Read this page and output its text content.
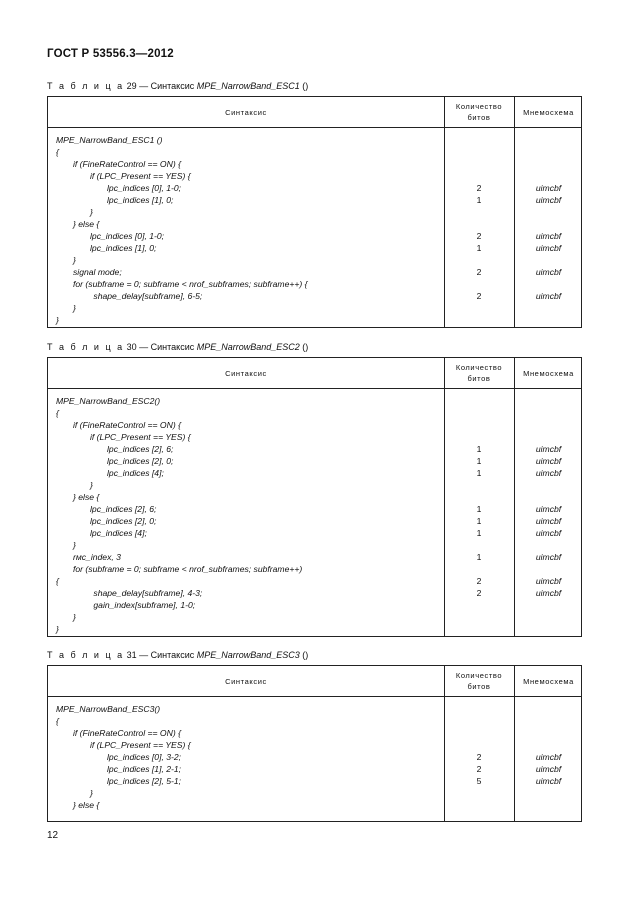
ГОСТ Р 53556.3—2012
Т а б л и ц а 29 — Синтаксис MPE_NarrowBand_ESC1 ()
Синтаксис
Количество битов
Мнемосхема
MPE_NarrowBand_ESC1 ()
{
if (FineRateControl == ON) {
if (LPC_Present == YES) {
lpc_indices [0], 1-0;	2	uimcbf
lpc_indices [1], 0;	1	uimcbf
}
} else {
lpc_indices [0], 1-0;	2	uimcbf
lpc_indices [1], 0;	1	uimcbf
}
signal mode;	2	uimcbf
for (subframe = 0; subframe < nrof_subframes; subframe++) {
shape_delay[subframe], 6-5;	2	uimcbf
}
}
Т а б л и ц а 30 — Синтаксис MPE_NarrowBand_ESC2 ()
Синтаксис
Количество битов
Мнемосхема
MPE_NarrowBand_ESC2()
{
if (FineRateControl == ON) {
if (LPC_Present == YES) {
lpc_indices [2], 6;	1	uimcbf
lpc_indices [2], 0;	1	uimcbf
lpc_indices [4];	1	uimcbf
}
} else {
lpc_indices [2], 6;	1	uimcbf
lpc_indices [2], 0;	1	uimcbf
lpc_indices [4];	1	uimcbf
}
rмc_index, 3	1	uimcbf
for (subframe = 0; subframe < nrof_subframes; subframe++)
{	2	uimcbf
shape_delay[subframe], 4-3;	2	uimcbf
gain_index[subframe], 1-0;
}
}
Т а б л и ц а 31 — Синтаксис MPE_NarrowBand_ESC3 ()
Синтаксис
Количество битов
Мнемосхема
MPE_NarrowBand_ESC3()
{
if (FineRateControl == ON) {
if (LPC_Present == YES) {
lpc_indices [0], 3-2;	2	uimcbf
lpc_indices [1], 2-1;	2	uimcbf
lpc_indices [2], 5-1;	5	uimcbf
}
} else {
12
